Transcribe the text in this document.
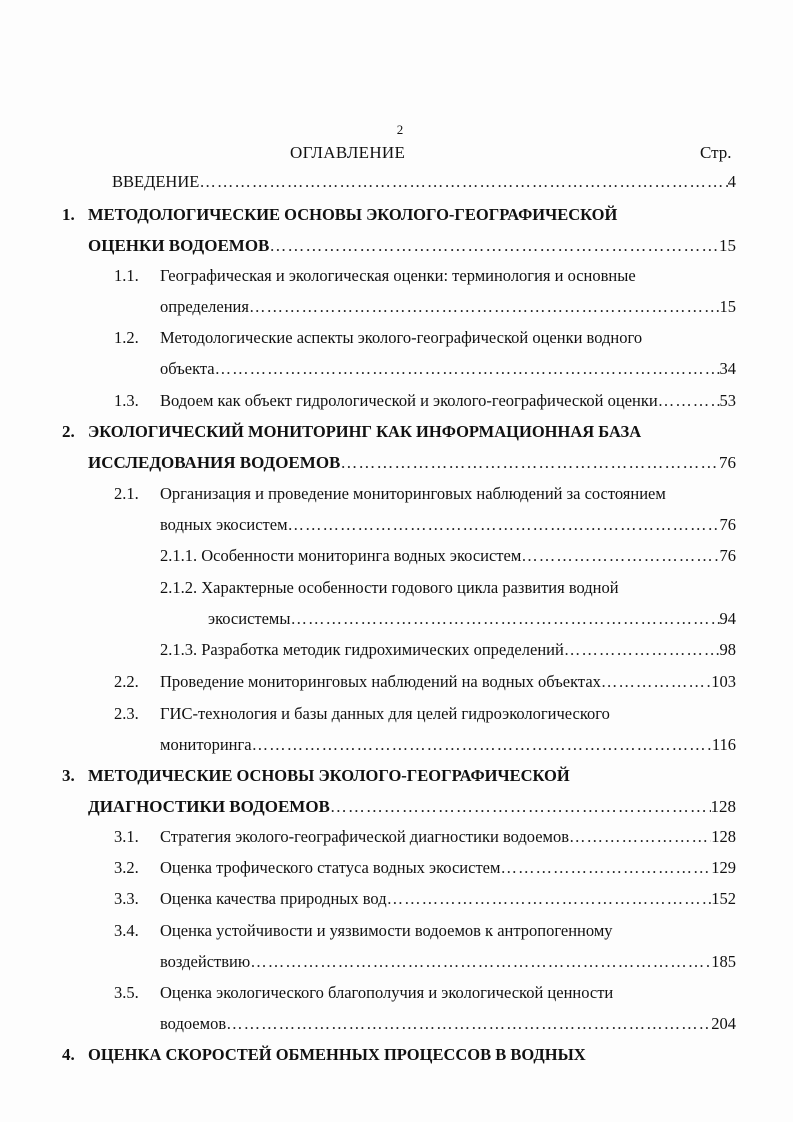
2
ОГЛАВЛЕНИЕ	Стр.
ВВЕДЕНИЕ ……………………………………………………………………………………………………………………………………………………………………	4
1. МЕТОДОЛОГИЧЕСКИЕ ОСНОВЫ ЭКОЛОГО-ГЕОГРАФИЧЕСКОЙ
ОЦЕНКИ ВОДОЕМОВ ……………………………………………………………………………………………………………………………………………………………………	15
1.1. Географическая и экологическая оценки: терминология и основные
определения ……………………………………………………………………………………………………………………………………………………………………	15
1.2. Методологические аспекты эколого-географической оценки водного
объекта ……………………………………………………………………………………………………………………………………………………………………	34
1.3. Водоем как объект гидрологической и эколого-географической оценки ……………………………………………………………………………………………………………………………………………………………………	53
2. ЭКОЛОГИЧЕСКИЙ МОНИТОРИНГ КАК ИНФОРМАЦИОННАЯ БАЗА
ИССЛЕДОВАНИЯ ВОДОЕМОВ ……………………………………………………………………………………………………………………………………………………………………	76
2.1. Организация и проведение мониторинговых наблюдений за состоянием
водных экосистем ……………………………………………………………………………………………………………………………………………………………………	76
2.1.1. Особенности мониторинга водных экосистем ……………………………………………………………………………………………………………………………………………………………………	76
2.1.2. Характерные особенности годового цикла развития водной
экосистемы ……………………………………………………………………………………………………………………………………………………………………	94
2.1.3. Разработка методик гидрохимических определений ……………………………………………………………………………………………………………………………………………………………………	98
2.2. Проведение мониторинговых наблюдений на водных объектах ……………………………………………………………………………………………………………………………………………………………………	103
2.3. ГИС-технология и базы данных для целей гидроэкологического
мониторинга ……………………………………………………………………………………………………………………………………………………………………	116
3. МЕТОДИЧЕСКИЕ ОСНОВЫ ЭКОЛОГО-ГЕОГРАФИЧЕСКОЙ
ДИАГНОСТИКИ ВОДОЕМОВ ……………………………………………………………………………………………………………………………………………………………………	128
3.1. Стратегия эколого-географической диагностики водоемов ……………………………………………………………………………………………………………………………………………………………………	128
3.2. Оценка трофического статуса водных экосистем ……………………………………………………………………………………………………………………………………………………………………	129
3.3. Оценка качества природных вод ……………………………………………………………………………………………………………………………………………………………………	152
3.4. Оценка устойчивости и уязвимости водоемов к антропогенному
воздействию ……………………………………………………………………………………………………………………………………………………………………	185
3.5. Оценка экологического благополучия и экологической ценности
водоемов ……………………………………………………………………………………………………………………………………………………………………	204
4. ОЦЕНКА СКОРОСТЕЙ ОБМЕННЫХ ПРОЦЕССОВ В ВОДНЫХ
